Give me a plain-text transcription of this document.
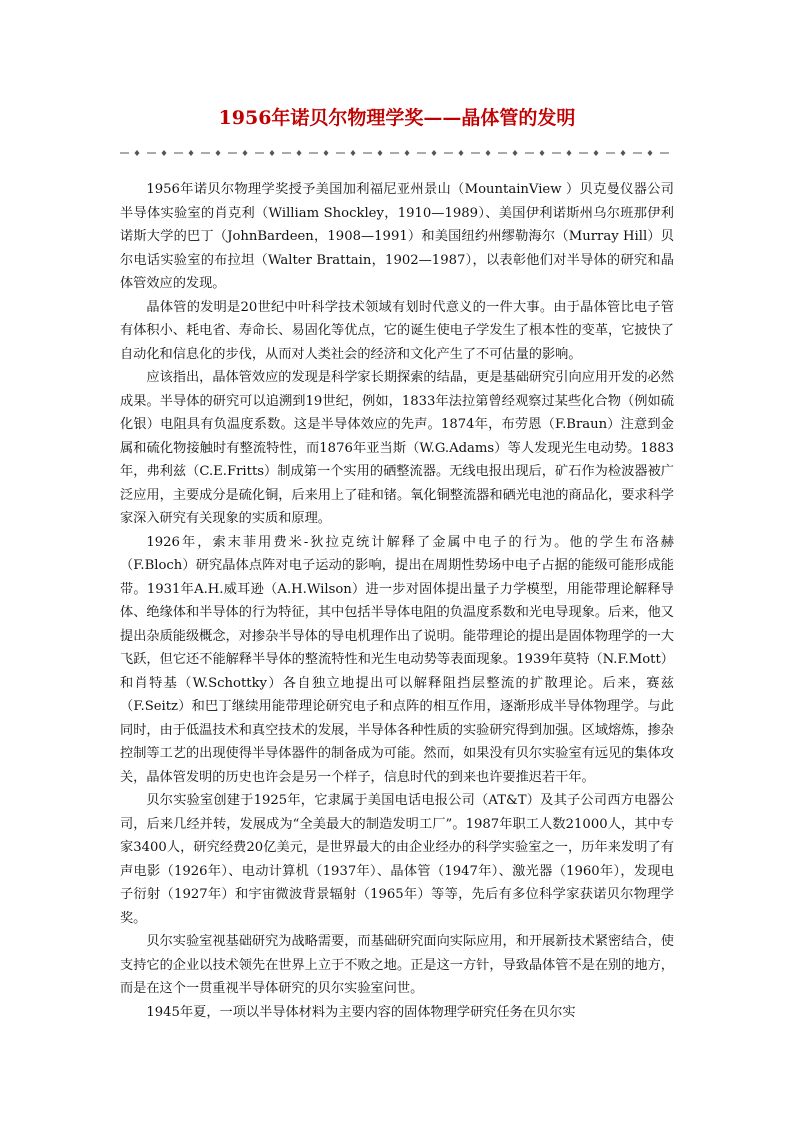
1956年诺贝尔物理学奖——晶体管的发明

1956年诺贝尔物理学奖授予美国加利福尼亚州景山（MountainView ）贝克曼仪器公司半导体实验室的肖克利（William Shockley，1910—1989）、美国伊利诺斯州乌尔班那伊利诺斯大学的巴丁（JohnBardeen，1908—1991）和美国纽约州缪勒海尔（Murray Hill）贝尔电话实验室的布拉坦（Walter Brattain，1902—1987），以表彰他们对半导体的研究和晶体管效应的发现。

晶体管的发明是20世纪中叶科学技术领域有划时代意义的一件大事。由于晶体管比电子管有体积小、耗电省、寿命长、易固化等优点，它的诞生使电子学发生了根本性的变革，它披快了自动化和信息化的步伐，从而对人类社会的经济和文化产生了不可估量的影响。

应该指出，晶体管效应的发现是科学家长期探索的结晶，更是基础研究引向应用开发的必然成果。半导体的研究可以追溯到19世纪，例如，1833年法拉第曾经观察过某些化合物（例如硫化银）电阻具有负温度系数。这是半导体效应的先声。1874年，布劳恩（F.Braun）注意到金属和硫化物接触时有整流特性，而1876年亚当斯（W.G.Adams）等人发现光生电动势。1883年，弗利兹（C.E.Fritts）制成第一个实用的硒整流器。无线电报出现后，矿石作为检波器被广泛应用，主要成分是硫化铜，后来用上了硅和锗。氧化铜整流器和硒光电池的商品化，要求科学家深入研究有关现象的实质和原理。

1926年，索末菲用费米-狄拉克统计解释了金属中电子的行为。他的学生布洛赫（F.Bloch）研究晶体点阵对电子运动的影响，提出在周期性势场中电子占据的能级可能形成能带。1931年A.H.威耳逊（A.H.Wilson）进一步对固体提出量子力学模型，用能带理论解释导体、绝缘体和半导体的行为特征，其中包括半导体电阻的负温度系数和光电导现象。后来，他又提出杂质能级概念，对掺杂半导体的导电机理作出了说明。能带理论的提出是固体物理学的一大飞跃，但它还不能解释半导体的整流特性和光生电动势等表面现象。1939年莫特（N.F.Mott）和肖特基（W.Schottky）各自独立地提出可以解释阻挡层整流的扩散理论。后来，赛兹（F.Seitz）和巴丁继续用能带理论研究电子和点阵的相互作用，逐渐形成半导体物理学。与此同时，由于低温技术和真空技术的发展，半导体各种性质的实验研究得到加强。区域熔炼，掺杂控制等工艺的出现使得半导体器件的制备成为可能。然而，如果没有贝尔实验室有远见的集体攻关，晶体管发明的历史也许会是另一个样子，信息时代的到来也许要推迟若干年。

贝尔实验室创建于1925年，它隶属于美国电话电报公司（AT&T）及其子公司西方电器公司，后来几经并转，发展成为“全美最大的制造发明工厂”。1987年职工人数21000人，其中专家3400人，研究经费20亿美元，是世界最大的由企业经办的科学实验室之一，历年来发明了有声电影（1926年）、电动计算机（1937年）、晶体管（1947年）、激光器（1960年），发现电子衍射（1927年）和宇宙微波背景辐射（1965年）等等，先后有多位科学家获诺贝尔物理学奖。

贝尔实验室视基础研究为战略需要，而基础研究面向实际应用，和开展新技术紧密结合，使支持它的企业以技术领先在世界上立于不败之地。正是这一方针，导致晶体管不是在别的地方，而是在这个一贯重视半导体研究的贝尔实验室问世。

1945年夏，一项以半导体材料为主要内容的固体物理学研究任务在贝尔实
